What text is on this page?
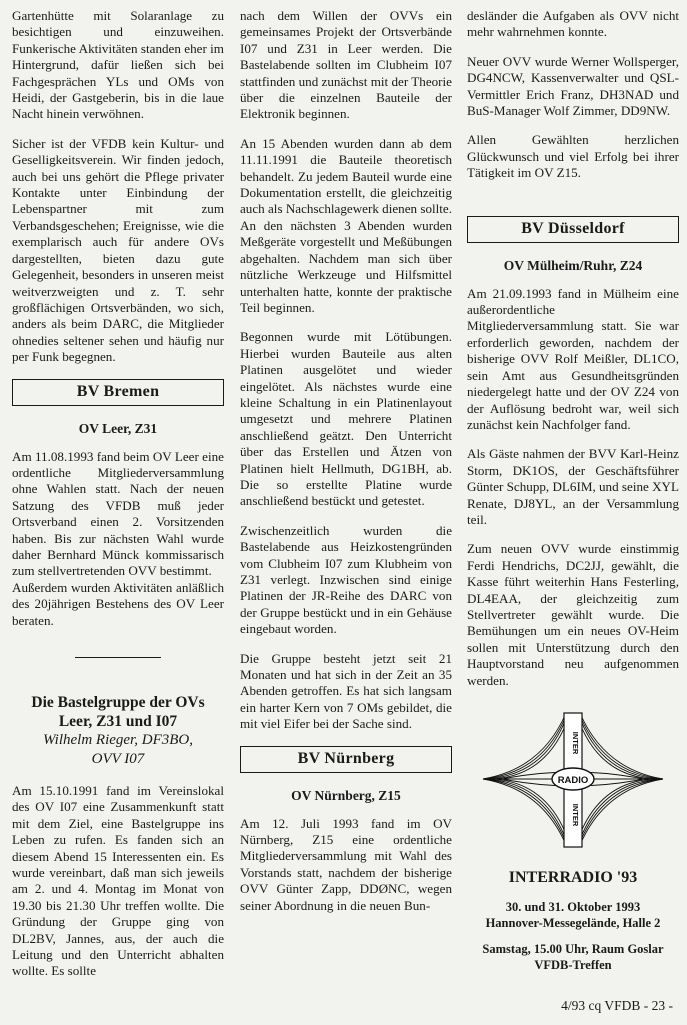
Gartenhütte mit Solaranlage zu besichtigen und einzuweihen. Funkerische Aktivitäten standen eher im Hintergrund, dafür ließen sich bei Fachgesprächen YLs und OMs von Heidi, der Gastgeberin, bis in die laue Nacht hinein verwöhnen.

Sicher ist der VFDB kein Kultur- und Geselligkeitsverein. Wir finden jedoch, auch bei uns gehört die Pflege privater Kontakte unter Einbindung der Lebenspartner mit zum Verbandsgeschehen; Ereignisse, wie die exemplarisch auch für andere OVs dargestellten, bieten dazu gute Gelegenheit, besonders in unseren meist weitverzweigten und z. T. sehr großflächigen Ortsverbänden, wo sich, anders als beim DARC, die Mitglieder ohnedies seltener sehen und häufig nur per Funk begegnen.

BV Bremen
OV Leer, Z31

Am 11.08.1993 fand beim OV Leer eine ordentliche Mitgliederversammlung ohne Wahlen statt. Nach der neuen Satzung des VFDB muß jeder Ortsverband einen 2. Vorsitzenden haben. Bis zur nächsten Wahl wurde daher Bernhard Münck kommissarisch zum stellvertretenden OVV bestimmt.

Außerdem wurden Aktivitäten anläßlich des 20jährigen Bestehens des OV Leer beraten.

Die Bastelgruppe der OVs
Leer, Z31 und I07
Wilhelm Rieger, DF3BO,
OVV I07

Am 15.10.1991 fand im Vereinslokal des OV I07 eine Zusammenkunft statt mit dem Ziel, eine Bastelgruppe ins Leben zu rufen. Es fanden sich an diesem Abend 15 Interessenten ein. Es wurde vereinbart, daß man sich jeweils am 2. und 4. Montag im Monat von 19.30 bis 21.30 Uhr treffen wollte. Die Gründung der Gruppe ging von DL2BV, Jannes, aus, der auch die Leitung und den Unterricht abhalten wollte. Es sollte

nach dem Willen der OVVs ein gemeinsames Projekt der Ortsverbände I07 und Z31 in Leer werden. Die Bastelabende sollten im Clubheim I07 stattfinden und zunächst mit der Theorie über die einzelnen Bauteile der Elektronik beginnen.

An 15 Abenden wurden dann ab dem 11.11.1991 die Bauteile theoretisch behandelt. Zu jedem Bauteil wurde eine Dokumentation erstellt, die gleichzeitig auch als Nachschlagewerk dienen sollte. An den nächsten 3 Abenden wurden Meßgeräte vorgestellt und Meßübungen abgehalten. Nachdem man sich über nützliche Werkzeuge und Hilfsmittel unterhalten hatte, konnte der praktische Teil beginnen.

Begonnen wurde mit Lötübungen. Hierbei wurden Bauteile aus alten Platinen ausgelötet und wieder eingelötet. Als nächstes wurde eine kleine Schaltung in ein Platinenlayout umgesetzt und mehrere Platinen anschließend geätzt. Den Unterricht über das Erstellen und Ätzen von Platinen hielt Hellmuth, DG1BH, ab. Die so erstellte Platine wurde anschließend bestückt und getestet.

Zwischenzeitlich wurden die Bastelabende aus Heizkostengründen vom Clubheim I07 zum Klubheim von Z31 verlegt. Inzwischen sind einige Platinen der JR-Reihe des DARC von der Gruppe bestückt und in ein Gehäuse eingebaut worden.

Die Gruppe besteht jetzt seit 21 Monaten und hat sich in der Zeit an 35 Abenden getroffen. Es hat sich langsam ein harter Kern von 7 OMs gebildet, die mit viel Eifer bei der Sache sind.

BV Nürnberg
OV Nürnberg, Z15

Am 12. Juli 1993 fand im OV Nürnberg, Z15 eine ordentliche Mitgliederversammlung mit Wahl des Vorstands statt, nachdem der bisherige OVV Günter Zapp, DDØNC, wegen seiner Abordnung in die neuen Bun-

desländer die Aufgaben als OVV nicht mehr wahrnehmen konnte.

Neuer OVV wurde Werner Wollsperger, DG4NCW, Kassenverwalter und QSL-Vermittler Erich Franz, DH3NAD und BuS-Manager Wolf Zimmer, DD9NW.

Allen Gewählten herzlichen Glückwunsch und viel Erfolg bei ihrer Tätigkeit im OV Z15.

BV Düsseldorf
OV Mülheim/Ruhr, Z24

Am 21.09.1993 fand in Mülheim eine außerordentliche Mitgliederversammlung statt. Sie war erforderlich geworden, nachdem der bisherige OVV Rolf Meißler, DL1CO, sein Amt aus Gesundheitsgründen niedergelegt hatte und der OV Z24 von der Auflösung bedroht war, weil sich zunächst kein Nachfolger fand.

Als Gäste nahmen der BVV Karl-Heinz Storm, DK1OS, der Geschäftsführer Günter Schupp, DL6IM, und seine XYL Renate, DJ8YL, an der Versammlung teil.

Zum neuen OVV wurde einstimmig Ferdi Hendrichs, DC2JJ, gewählt, die Kasse führt weiterhin Hans Festerling, DL4EAA, der gleichzeitig zum Stellvertreter gewählt wurde. Die Bemühungen um ein neues OV-Heim sollen mit Unterstützung durch den Hauptvorstand neu aufgenommen werden.

RADIO
INTER
INTER
INTERRADIO '93
30. und 31. Oktober 1993
Hannover-Messegelände, Halle 2
Samstag, 15.00 Uhr, Raum Goslar
VFDB-Treffen
4/93 cq VFDB - 23 -
